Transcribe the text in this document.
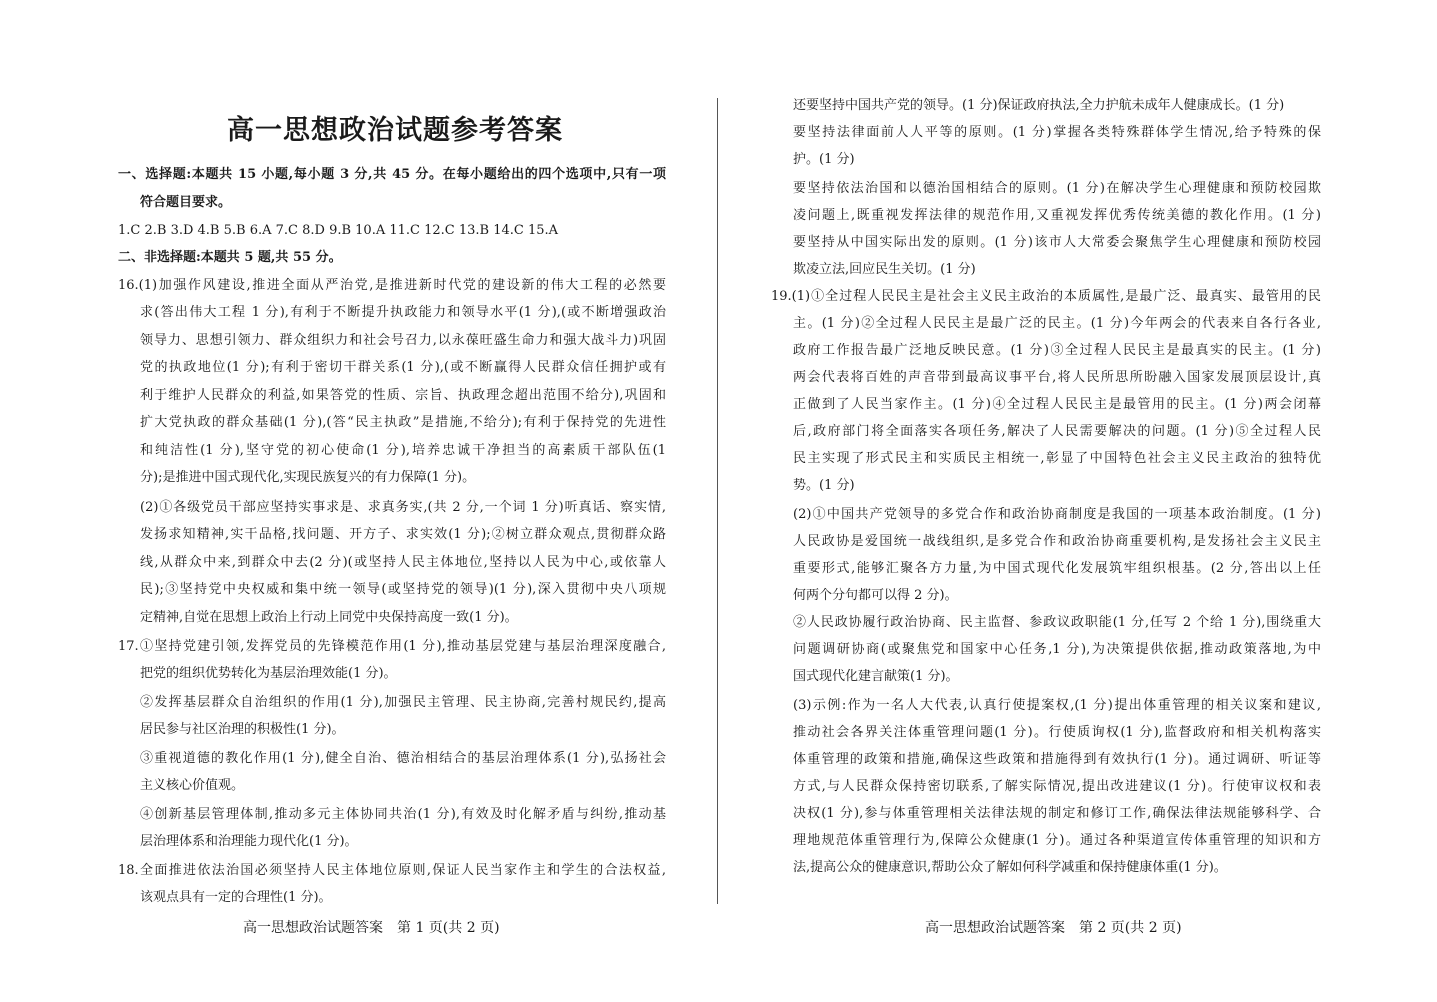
高一思想政治试题参考答案
一、选择题:本题共 15 小题,每小题 3 分,共 45 分。在每小题给出的四个选项中,只有一项
符合题目要求。
1.C 2.B 3.D 4.B 5.B 6.A 7.C 8.D 9.B 10.A 11.C 12.C 13.B 14.C 15.A
二、非选择题:本题共 5 题,共 55 分。
16.(1)加强作风建设,推进全面从严治党,是推进新时代党的建设新的伟大工程的必然要
求(答出伟大工程 1 分),有利于不断提升执政能力和领导水平(1 分),(或不断增强政治
领导力、思想引领力、群众组织力和社会号召力,以永葆旺盛生命力和强大战斗力)巩固
党的执政地位(1 分);有利于密切干群关系(1 分),(或不断赢得人民群众信任拥护或有
利于维护人民群众的利益,如果答党的性质、宗旨、执政理念超出范围不给分),巩固和
扩大党执政的群众基础(1 分),(答“民主执政”是措施,不给分);有利于保持党的先进性
和纯洁性(1 分),坚守党的初心使命(1 分),培养忠诚干净担当的高素质干部队伍(1
分);是推进中国式现代化,实现民族复兴的有力保障(1 分)。
(2)①各级党员干部应坚持实事求是、求真务实,(共 2 分,一个词 1 分)听真话、察实情,
发扬求知精神,实干品格,找问题、开方子、求实效(1 分);②树立群众观点,贯彻群众路
线,从群众中来,到群众中去(2 分)(或坚持人民主体地位,坚持以人民为中心,或依靠人
民);③坚持党中央权威和集中统一领导(或坚持党的领导)(1 分),深入贯彻中央八项规
定精神,自觉在思想上政治上行动上同党中央保持高度一致(1 分)。
17.①坚持党建引领,发挥党员的先锋模范作用(1 分),推动基层党建与基层治理深度融合,
把党的组织优势转化为基层治理效能(1 分)。
②发挥基层群众自治组织的作用(1 分),加强民主管理、民主协商,完善村规民约,提高
居民参与社区治理的积极性(1 分)。
③重视道德的教化作用(1 分),健全自治、德治相结合的基层治理体系(1 分),弘扬社会
主义核心价值观。
④创新基层管理体制,推动多元主体协同共治(1 分),有效及时化解矛盾与纠纷,推动基
层治理体系和治理能力现代化(1 分)。
18.全面推进依法治国必须坚持人民主体地位原则,保证人民当家作主和学生的合法权益,
该观点具有一定的合理性(1 分)。
还要坚持中国共产党的领导。(1 分)保证政府执法,全力护航未成年人健康成长。(1 分)
要坚持法律面前人人平等的原则。(1 分)掌握各类特殊群体学生情况,给予特殊的保
护。(1 分)
要坚持依法治国和以德治国相结合的原则。(1 分)在解决学生心理健康和预防校园欺
凌问题上,既重视发挥法律的规范作用,又重视发挥优秀传统美德的教化作用。(1 分)
要坚持从中国实际出发的原则。(1 分)该市人大常委会聚焦学生心理健康和预防校园
欺凌立法,回应民生关切。(1 分)
19.(1)①全过程人民民主是社会主义民主政治的本质属性,是最广泛、最真实、最管用的民
主。(1 分)②全过程人民民主是最广泛的民主。(1 分)今年两会的代表来自各行各业,
政府工作报告最广泛地反映民意。(1 分)③全过程人民民主是最真实的民主。(1 分)
两会代表将百姓的声音带到最高议事平台,将人民所思所盼融入国家发展顶层设计,真
正做到了人民当家作主。(1 分)④全过程人民民主是最管用的民主。(1 分)两会闭幕
后,政府部门将全面落实各项任务,解决了人民需要解决的问题。(1 分)⑤全过程人民
民主实现了形式民主和实质民主相统一,彰显了中国特色社会主义民主政治的独特优
势。(1 分)
(2)①中国共产党领导的多党合作和政治协商制度是我国的一项基本政治制度。(1 分)
人民政协是爱国统一战线组织,是多党合作和政治协商重要机构,是发扬社会主义民主
重要形式,能够汇聚各方力量,为中国式现代化发展筑牢组织根基。(2 分,答出以上任
何两个分句都可以得 2 分)。
②人民政协履行政治协商、民主监督、参政议政职能(1 分,任写 2 个给 1 分),围绕重大
问题调研协商(或聚焦党和国家中心任务,1 分),为决策提供依据,推动政策落地,为中
国式现代化建言献策(1 分)。
(3)示例:作为一名人大代表,认真行使提案权,(1 分)提出体重管理的相关议案和建议,
推动社会各界关注体重管理问题(1 分)。行使质询权(1 分),监督政府和相关机构落实
体重管理的政策和措施,确保这些政策和措施得到有效执行(1 分)。通过调研、听证等
方式,与人民群众保持密切联系,了解实际情况,提出改进建议(1 分)。行使审议权和表
决权(1 分),参与体重管理相关法律法规的制定和修订工作,确保法律法规能够科学、合
理地规范体重管理行为,保障公众健康(1 分)。通过各种渠道宣传体重管理的知识和方
法,提高公众的健康意识,帮助公众了解如何科学减重和保持健康体重(1 分)。
高一思想政治试题答案　第 1 页(共 2 页)	高一思想政治试题答案　第 2 页(共 2 页)
